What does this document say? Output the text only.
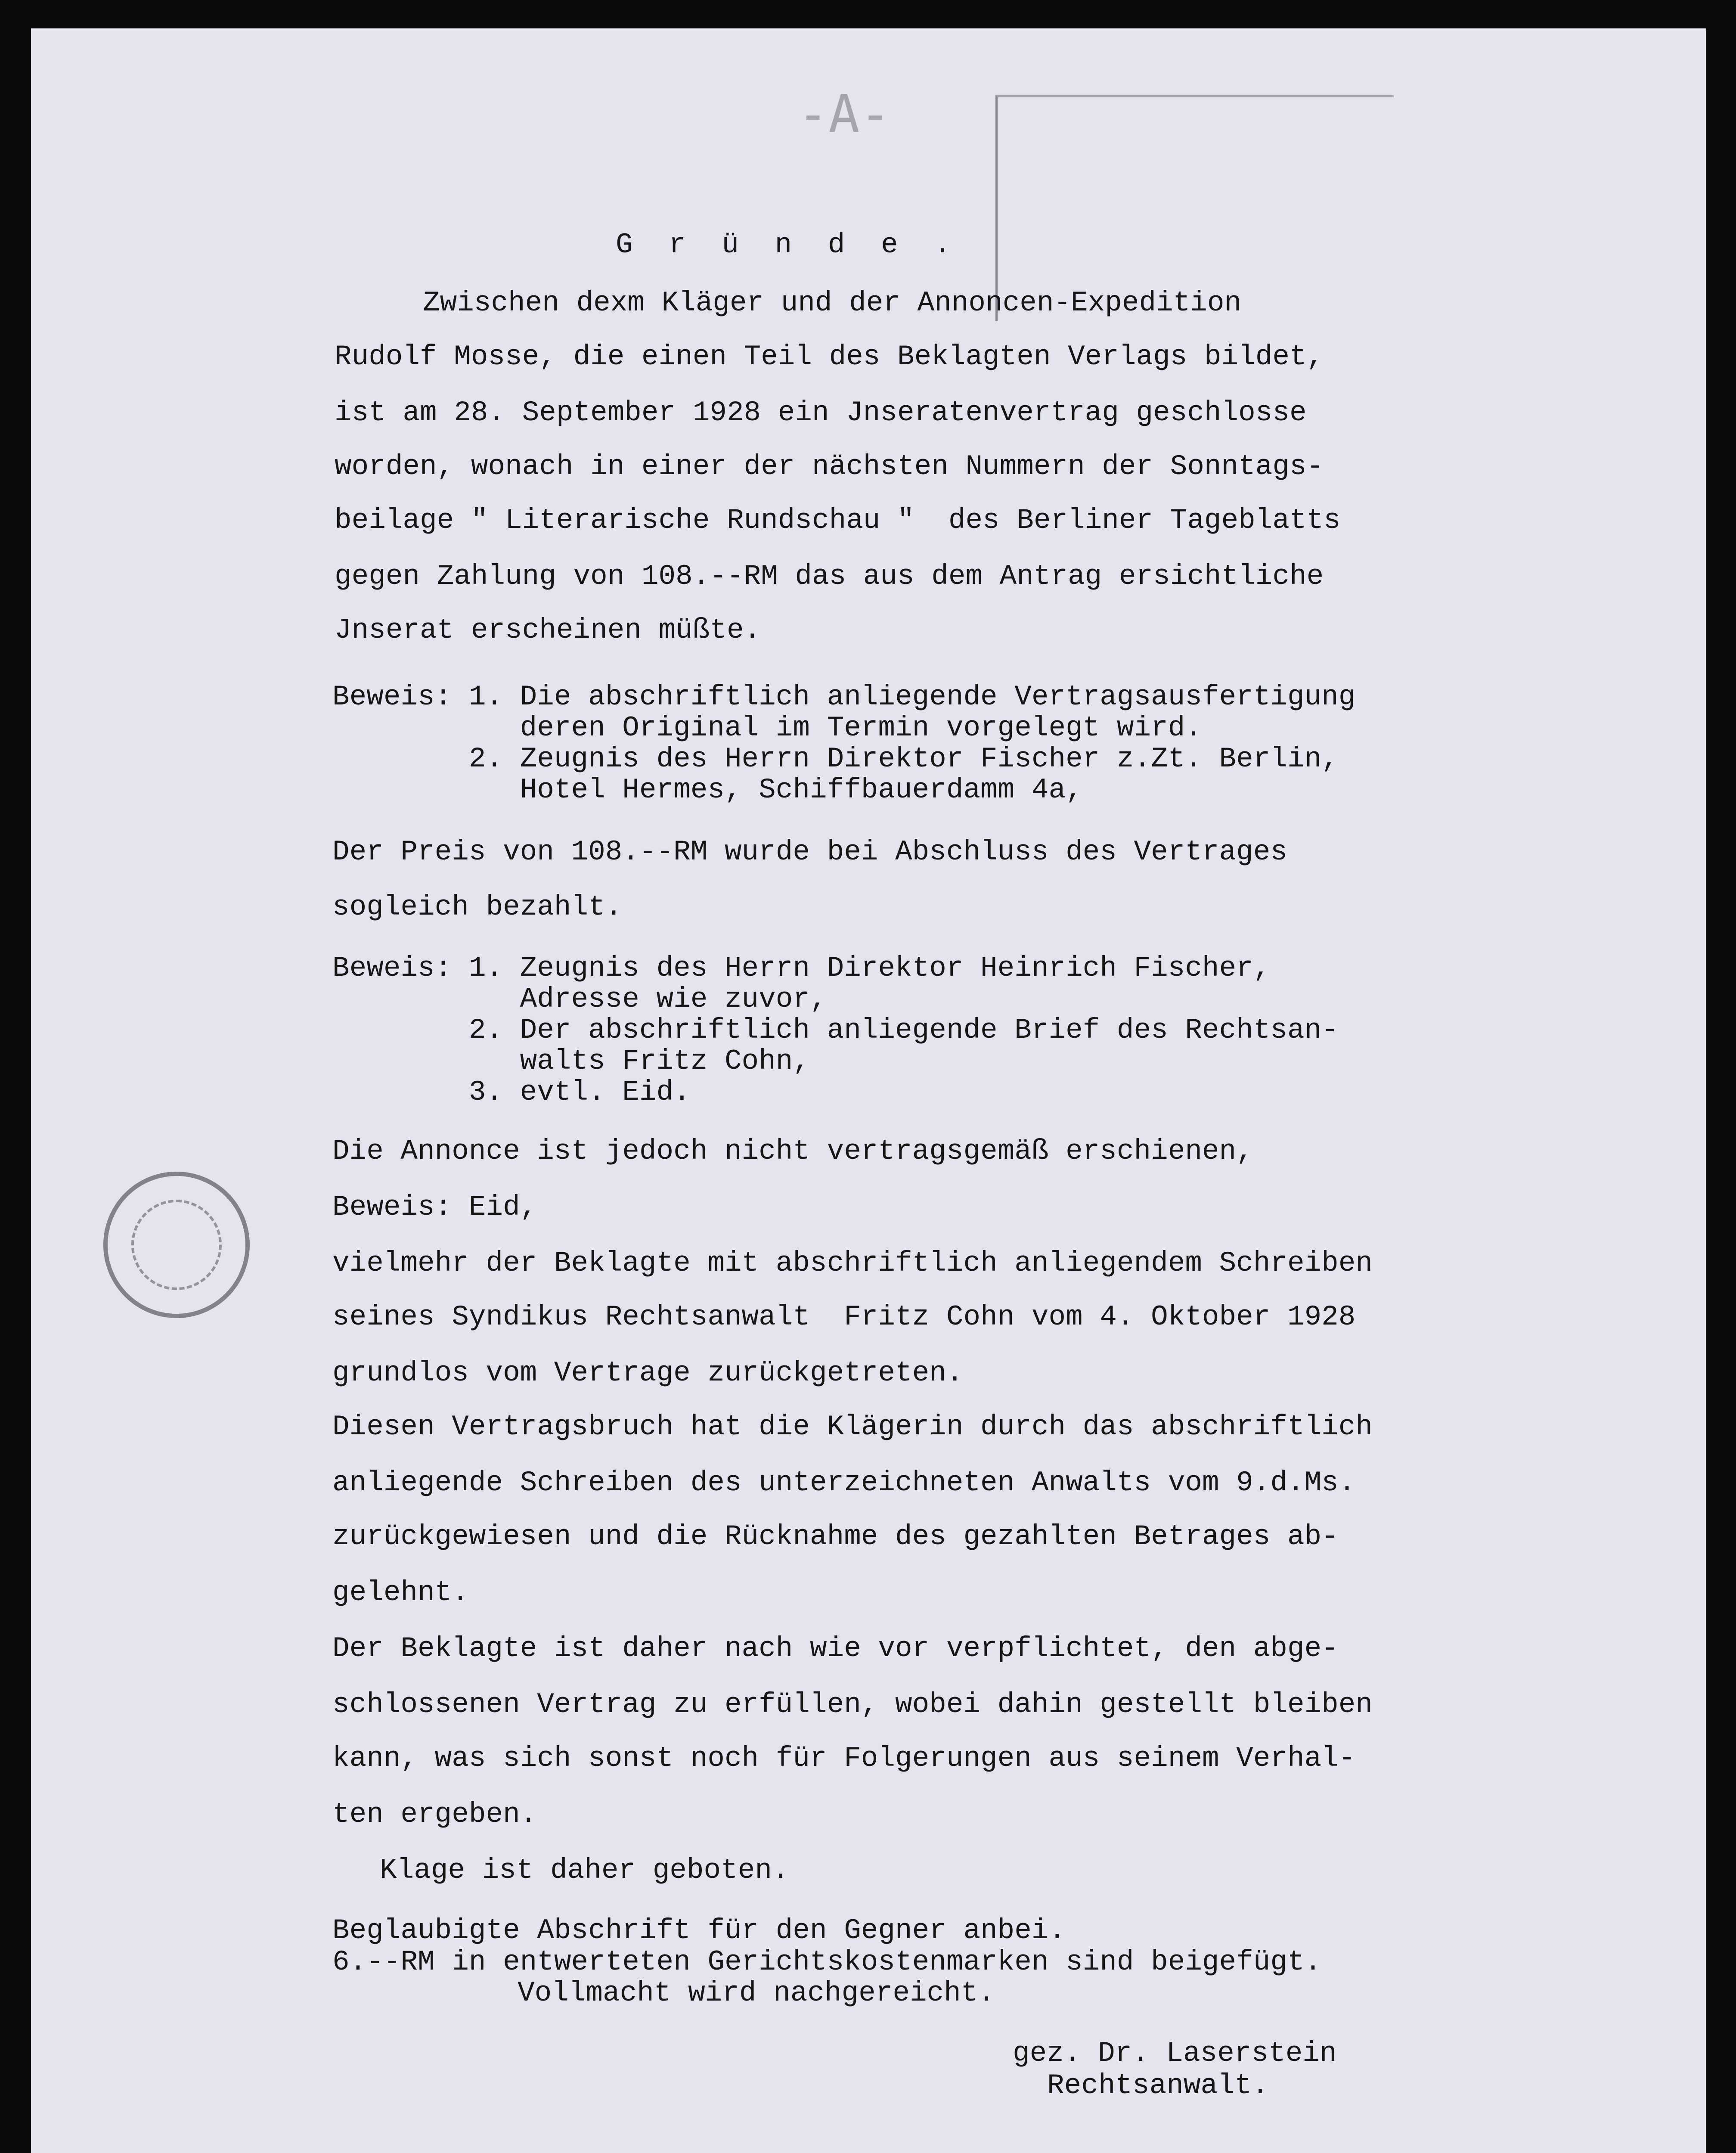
-A-

G r ü n d e .

Zwischen dexm Kläger und der Annoncen-Expedition

Rudolf Mosse, die einen Teil des Beklagten Verlags bildet,

ist am 28. September 1928 ein Jnseratenvertrag geschlosse

worden, wonach in einer der nächsten Nummern der Sonntags-

beilage " Literarische Rundschau "  des Berliner Tageblatts

gegen Zahlung von 108.--RM das aus dem Antrag ersichtliche

Jnserat erscheinen müßte.

Beweis: 1. Die abschriftlich anliegende Vertragsausfertigung

deren Original im Termin vorgelegt wird.

2. Zeugnis des Herrn Direktor Fischer z.Zt. Berlin,

Hotel Hermes, Schiffbauerdamm 4a,

Der Preis von 108.--RM wurde bei Abschluss des Vertrages

sogleich bezahlt.

Beweis: 1. Zeugnis des Herrn Direktor Heinrich Fischer,

Adresse wie zuvor,

2. Der abschriftlich anliegende Brief des Rechtsan-

walts Fritz Cohn,

3. evtl. Eid.

Die Annonce ist jedoch nicht vertragsgemäß erschienen,

Beweis: Eid,

vielmehr der Beklagte mit abschriftlich anliegendem Schreiben

seines Syndikus Rechtsanwalt  Fritz Cohn vom 4. Oktober 1928

grundlos vom Vertrage zurückgetreten.

Diesen Vertragsbruch hat die Klägerin durch das abschriftlich

anliegende Schreiben des unterzeichneten Anwalts vom 9.d.Ms.

zurückgewiesen und die Rücknahme des gezahlten Betrages ab-

gelehnt.

Der Beklagte ist daher nach wie vor verpflichtet, den abge-

schlossenen Vertrag zu erfüllen, wobei dahin gestellt bleiben

kann, was sich sonst noch für Folgerungen aus seinem Verhal-

ten ergeben.

Klage ist daher geboten.

Beglaubigte Abschrift für den Gegner anbei.

6.--RM in entwerteten Gerichtskostenmarken sind beigefügt.

Vollmacht wird nachgereicht.

gez. Dr. Laserstein

Rechtsanwalt.
